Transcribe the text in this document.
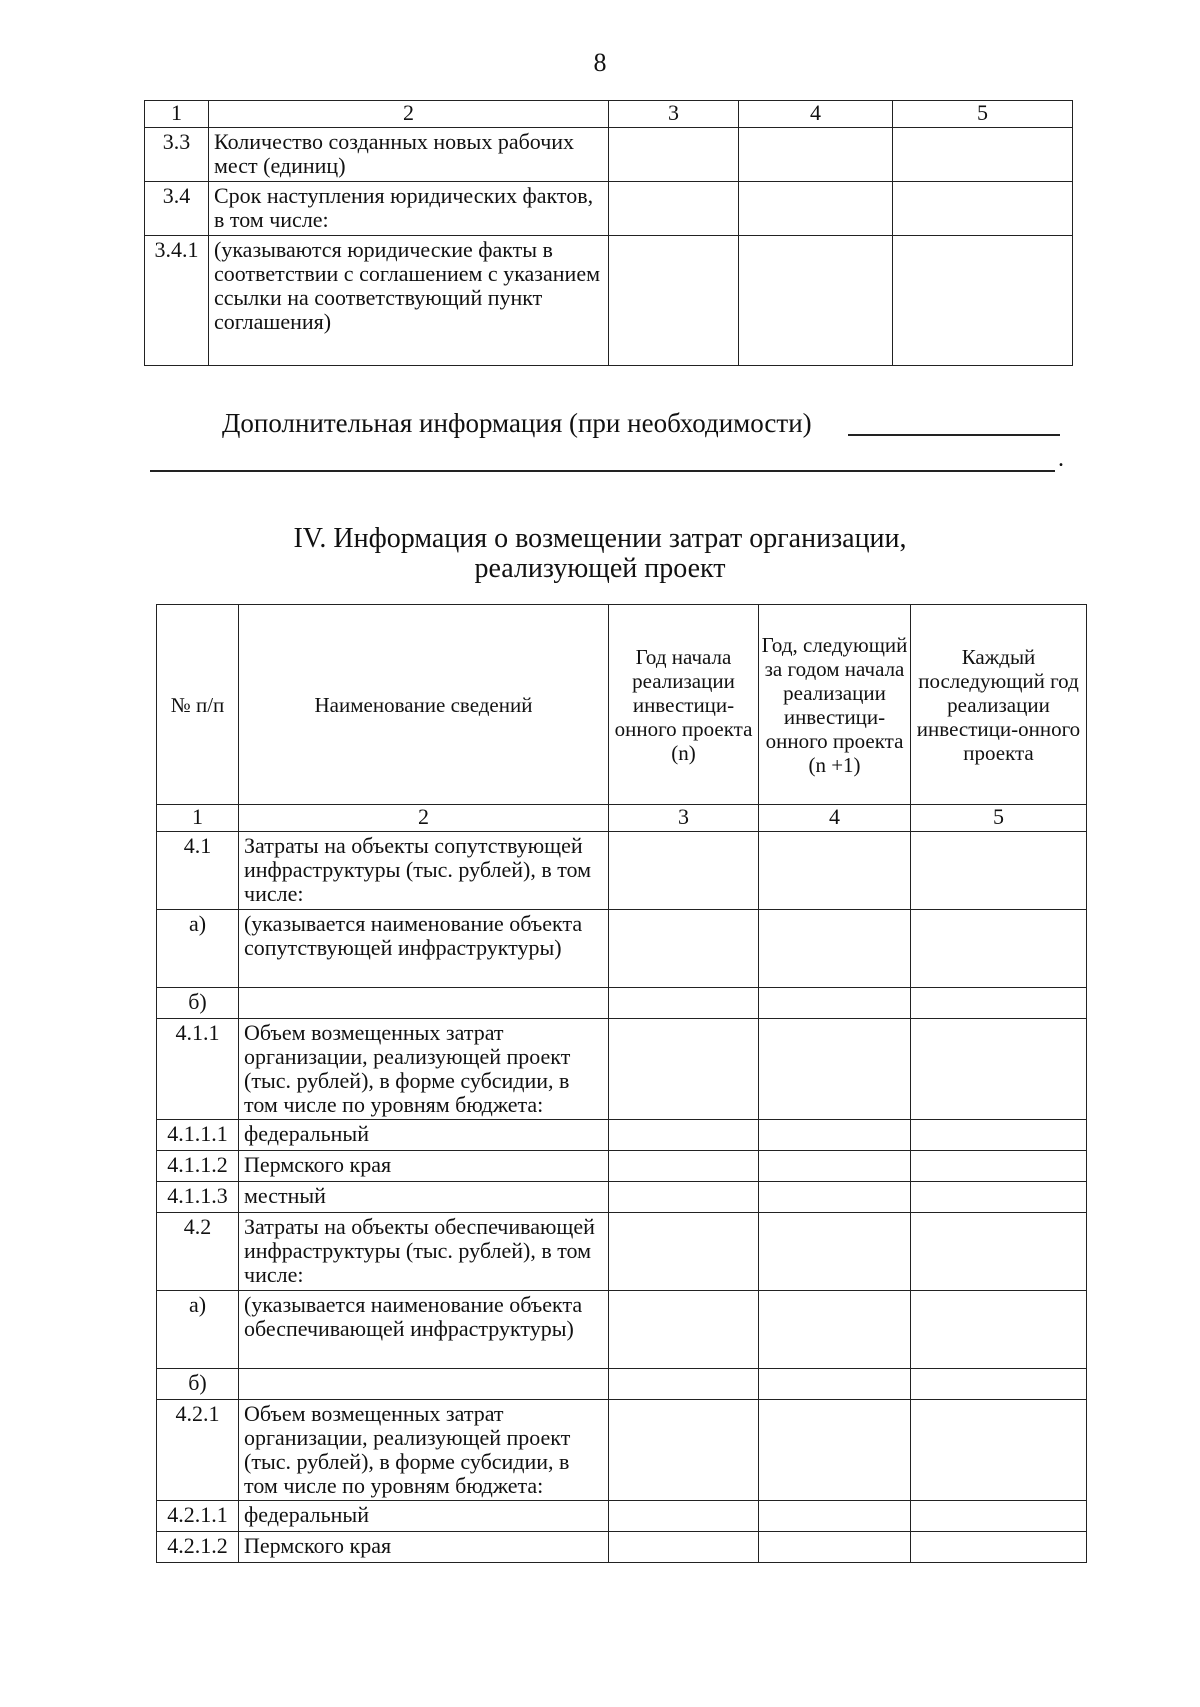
8
1	2	3	4	5
3.3	Количество созданных новых рабочих мест (единиц)			
3.4	Срок наступления юридических фактов, в том числе:			
3.4.1	(указываются юридические факты в соответствии с соглашением с указанием ссылки на соответствующий пункт соглашения)			
Дополнительная информация (при необходимости)
.
IV. Информация о возмещении затрат организации,
реализующей проект
№ п/п	Наименование сведений	Год начала реализации инвестици-онного проекта (n)	Год, следующий за годом начала реализации инвестици-онного проекта (n +1)	Каждый последующий год реализации инвестици-онного проекта
1	2	3	4	5
4.1	Затраты на объекты сопутствующей инфраструктуры (тыс. рублей), в том числе:			
а)	(указывается наименование объекта сопутствующей инфраструктуры)			
б)				
4.1.1	Объем возмещенных затрат организации, реализующей проект (тыс. рублей), в форме субсидии, в том числе по уровням бюджета:			
4.1.1.1	федеральный			
4.1.1.2	Пермского края			
4.1.1.3	местный			
4.2	Затраты на объекты обеспечивающей инфраструктуры (тыс. рублей), в том числе:			
а)	(указывается наименование объекта обеспечивающей инфраструктуры)			
б)				
4.2.1	Объем возмещенных затрат организации, реализующей проект (тыс. рублей), в форме субсидии, в том числе по уровням бюджета:			
4.2.1.1	федеральный			
4.2.1.2	Пермского края			
